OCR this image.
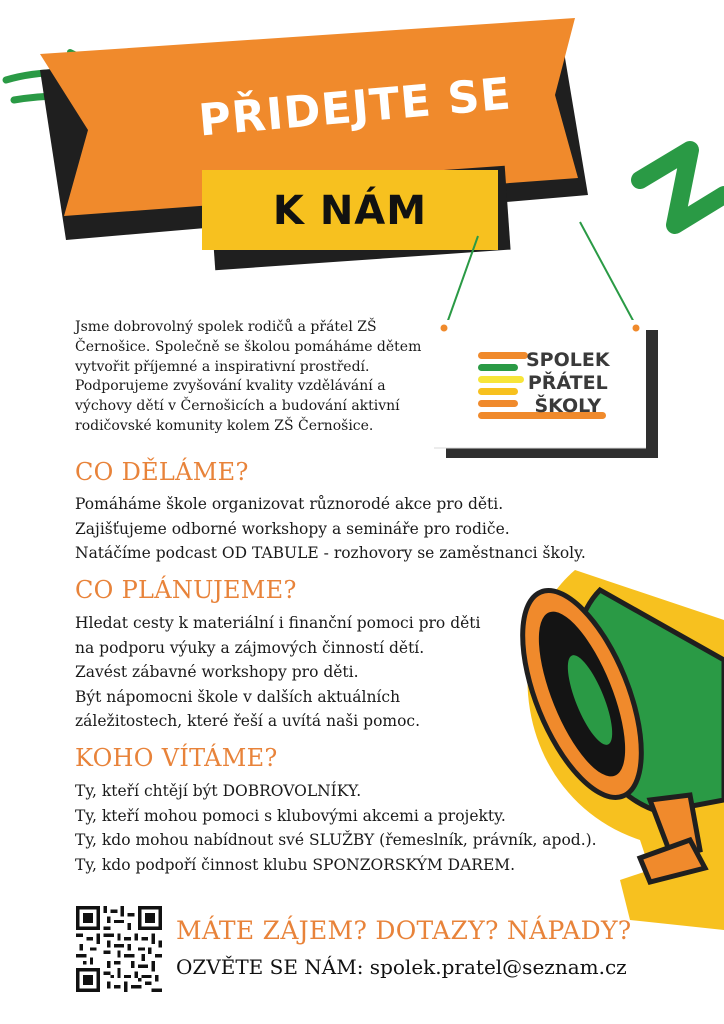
PŘIDEJTE SE
K NÁM
SPOLEK
PŘÁTEL
ŠKOLY

Jsme dobrovolný spolek rodičů a přátel ZŠ Černošice. Společně se školou pomáháme dětem vytvořit příjemné a inspirativní prostředí. Podporujeme zvyšování kvality vzdělávání a výchovy dětí v Černošicích a budování aktivní rodičovské komunity kolem ZŠ Černošice.

CO DĚLÁME?
Pomáháme škole organizovat různorodé akce pro děti.
Zajišťujeme odborné workshopy a semináře pro rodiče.
Natáčíme podcast OD TABULE - rozhovory se zaměstnanci školy.
CO PLÁNUJEME?
Hledat cesty k materiální i finanční pomoci pro děti
na podporu výuky a zájmových činností dětí.
Zavést zábavné workshopy pro děti.
Být nápomocni škole v dalších aktuálních
záležitostech, které řeší a uvítá naši pomoc.
KOHO VÍTÁME?
Ty, kteří chtějí být DOBROVOLNÍKY.
Ty, kteří mohou pomoci s klubovými akcemi a projekty.
Ty, kdo mohou nabídnout své SLUŽBY (řemeslník, právník, apod.).
Ty, kdo podpoří činnost klubu SPONZORSKÝM DAREM.
MÁTE ZÁJEM? DOTAZY? NÁPADY?
OZVĚTE SE NÁM: spolek.pratel@seznam.cz
